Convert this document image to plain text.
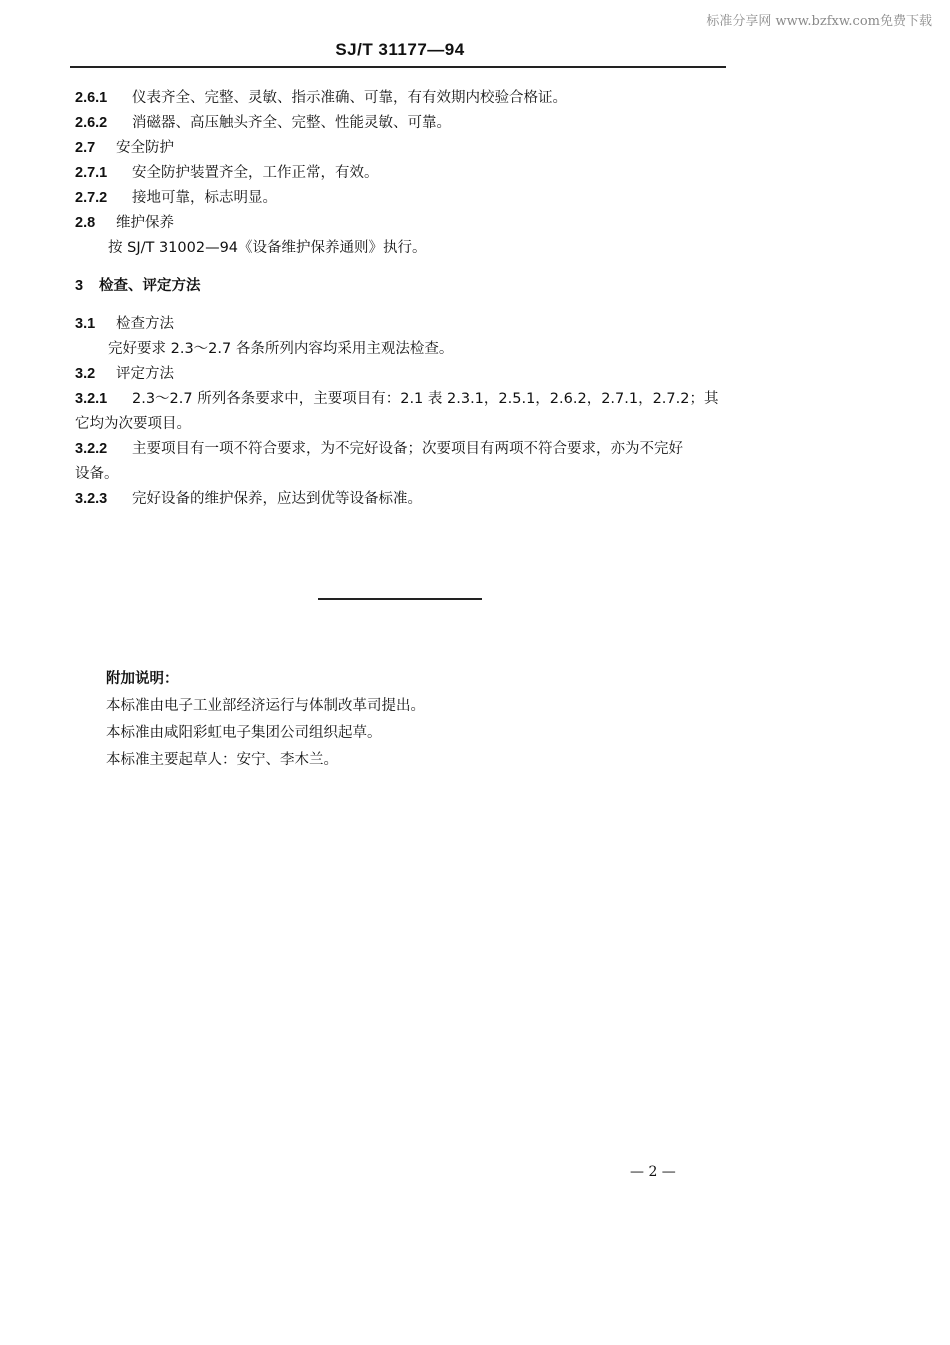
标准分享网 www.bzfxw.com免费下载
SJ/T 31177—94
2.6.1 仪表齐全、完整、灵敏、指示准确、可靠，有有效期内校验合格证。
2.6.2 消磁器、高压触头齐全、完整、性能灵敏、可靠。
2.7 安全防护
2.7.1 安全防护装置齐全，工作正常，有效。
2.7.2 接地可靠，标志明显。
2.8 维护保养
按 SJ/T 31002—94《设备维护保养通则》执行。
3 检查、评定方法
3.1 检查方法
完好要求 2.3～2.7 各条所列内容均采用主观法检查。
3.2 评定方法
3.2.1 2.3～2.7 所列各条要求中，主要项目有：2.1 表 2.3.1，2.5.1，2.6.2，2.7.1，2.7.2；其
它均为次要项目。
3.2.2 主要项目有一项不符合要求，为不完好设备；次要项目有两项不符合要求，亦为不完好
设备。
3.2.3 完好设备的维护保养，应达到优等设备标准。
附加说明：
本标准由电子工业部经济运行与体制改革司提出。
本标准由咸阳彩虹电子集团公司组织起草。
本标准主要起草人：安宁、李木兰。
— 2 —
